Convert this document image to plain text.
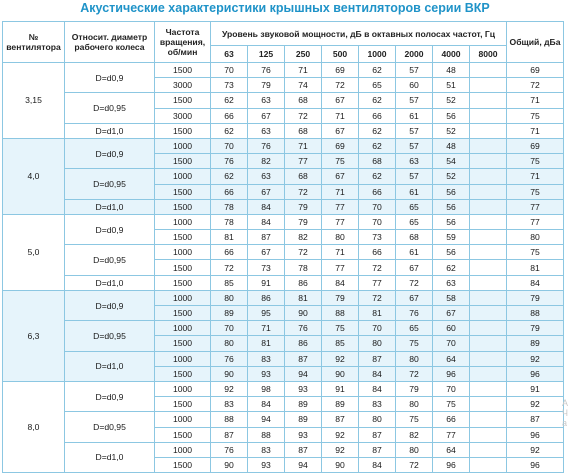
Акустические характеристики крышных вентиляторов серии ВКР
№ вентилятора	Относит. диаметр рабочего колеса	Частота вращения, об/мин	Уровень звуковой мощности, дБ в октавных полосах частот, Гц								Общий, дБа
			63	125	250	500	1000	2000	4000	8000	
3,15	D=d0,9	1500	70	76	71	69	62	57	48		69
		3000	73	79	74	72	65	60	51		72
	D=d0,95	1500	62	63	68	67	62	57	52		71
		3000	66	67	72	71	66	61	56		75
	D=d1,0	1500	62	63	68	67	62	57	52		71
4,0	D=d0,9	1000	70	76	71	69	62	57	48		69
		1500	76	82	77	75	68	63	54		75
	D=d0,95	1000	62	63	68	67	62	57	52		71
		1500	66	67	72	71	66	61	56		75
	D=d1,0	1500	78	84	79	77	70	65	56		77
5,0	D=d0,9	1000	78	84	79	77	70	65	56		77
		1500	81	87	82	80	73	68	59		80
	D=d0,95	1000	66	67	72	71	66	61	56		75
		1500	72	73	78	77	72	67	62		81
	D=d1,0	1500	85	91	86	84	77	72	63		84
6,3	D=d0,9	1000	80	86	81	79	72	67	58		79
		1500	89	95	90	88	81	76	67		88
	D=d0,95	1000	70	71	76	75	70	65	60		79
		1500	80	81	86	85	80	75	70		89
	D=d1,0	1000	76	83	87	92	87	80	64		92
		1500	90	93	94	90	84	72	96		96
8,0	D=d0,9	1000	92	98	93	91	84	79	70		91
		1500	83	84	89	89	83	80	75		92
	D=d0,95	1000	88	94	89	87	80	75	66		87
		1500	87	88	93	92	87	82	77		96
	D=d1,0	1000	76	83	87	92	87	80	64		92
		1500	90	93	94	90	84	72	96		96
A
Ч
а
